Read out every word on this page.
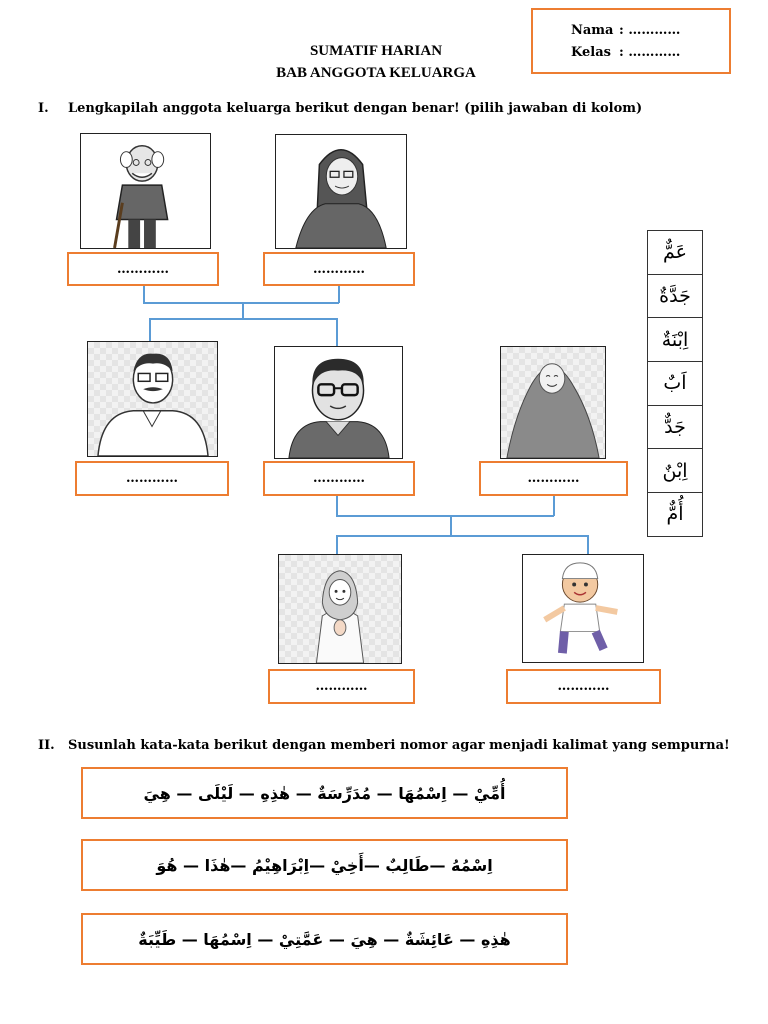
Nama : …………
Kelas : …………
SUMATIF HARIAN
BAB ANGGOTA KELUARGA
I. Lengkapilah anggota keluarga berikut dengan benar! (pilih jawaban di kolom)
…………	…………
…………	…………	…………
…………	…………
عَمٌّ
جَدَّةٌ
اِبْنَةٌ
اَبٌ
جَدٌّ
اِبْنٌ
أُمٌّ
II. Susunlah kata-kata berikut dengan memberi nomor agar menjadi kalimat yang sempurna!
أُمِّيْ — اِسْمُهَا — مُدَرِّسَةٌ — هٰذِهِ — لَيْلَى — هِيَ
اِسْمُهُ —طَالِبٌ —أَخِيْ —اِبْرَاهِيْمُ —هٰذَا — هُوَ
هٰذِهِ — عَائِشَةٌ — هِيَ — عَمَّتِيْ — اِسْمُهَا — طَيِّبَةٌ
